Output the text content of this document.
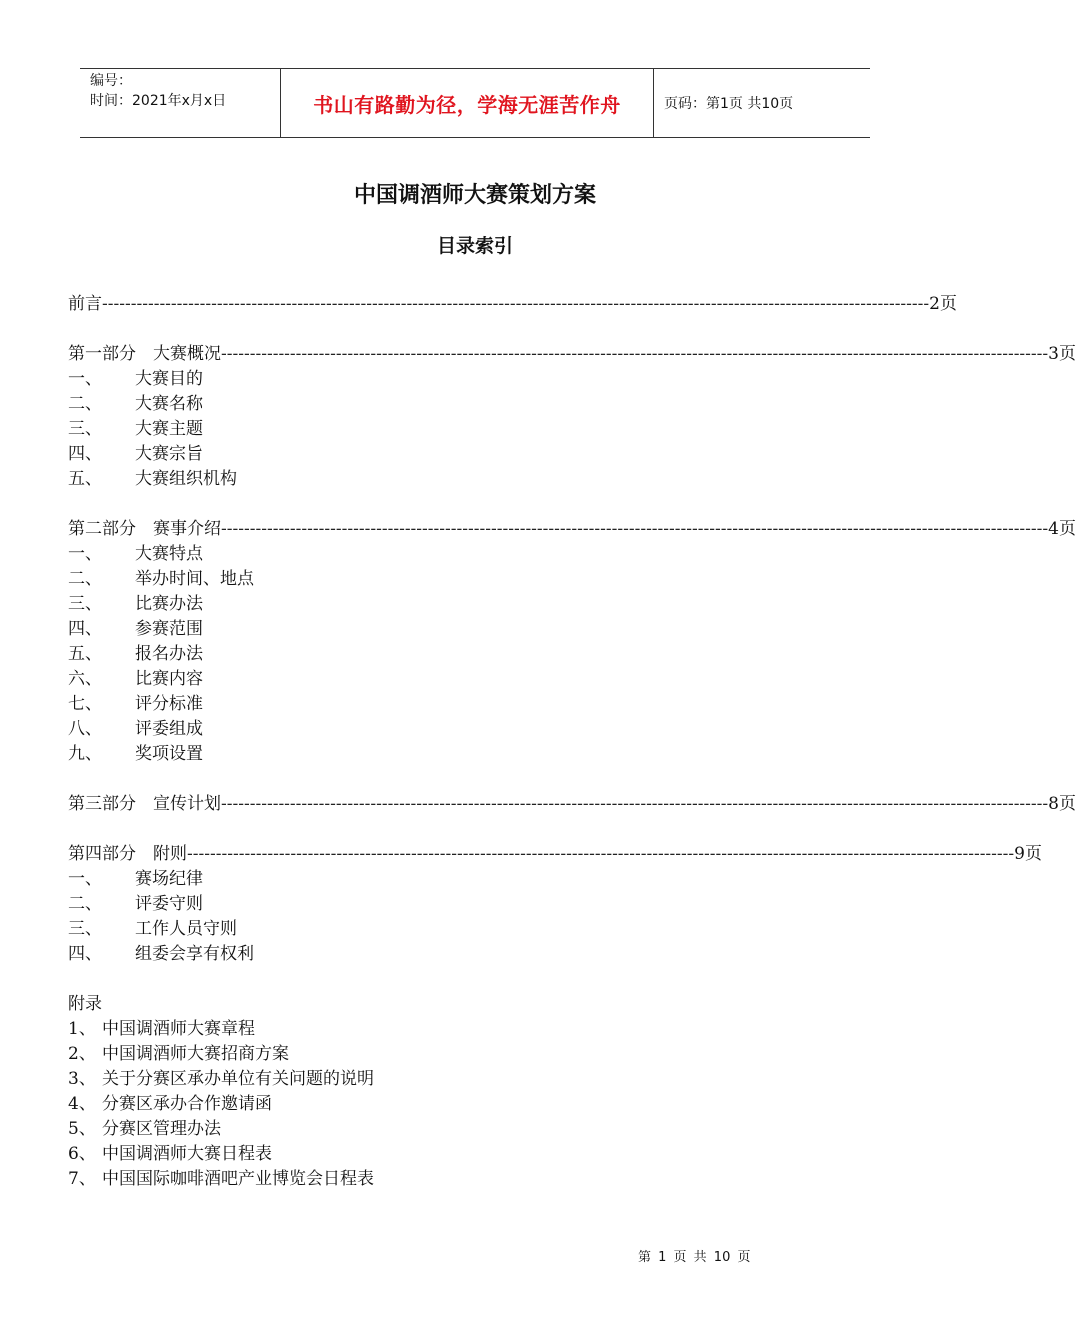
编号：
时间：2021年x月x日	书山有路勤为径，学海无涯苦作舟	页码：第1页 共10页
中国调酒师大赛策划方案
目录索引
前言 ------------------------------------------------------------------------------------------------------------------------------------------------ 2页
第一部分　大赛概况 ------------------------------------------------------------------------------------------------------------------------------------------------ 3页
一、 大赛目的
二、 大赛名称
三、 大赛主题
四、 大赛宗旨
五、 大赛组织机构
第二部分　赛事介绍 ------------------------------------------------------------------------------------------------------------------------------------------------ 4页
一、 大赛特点
二、 举办时间、地点
三、 比赛办法
四、 参赛范围
五、 报名办法
六、 比赛内容
七、 评分标准
八、 评委组成
九、 奖项设置
第三部分　宣传计划 ------------------------------------------------------------------------------------------------------------------------------------------------ 8页
第四部分　附则 ------------------------------------------------------------------------------------------------------------------------------------------------ 9页
一、 赛场纪律
二、 评委守则
三、 工作人员守则
四、 组委会享有权利
附录
1、 中国调酒师大赛章程
2、 中国调酒师大赛招商方案
3、 关于分赛区承办单位有关问题的说明
4、 分赛区承办合作邀请函
5、 分赛区管理办法
6、 中国调酒师大赛日程表
7、 中国国际咖啡酒吧产业博览会日程表
第 1 页 共 10 页
